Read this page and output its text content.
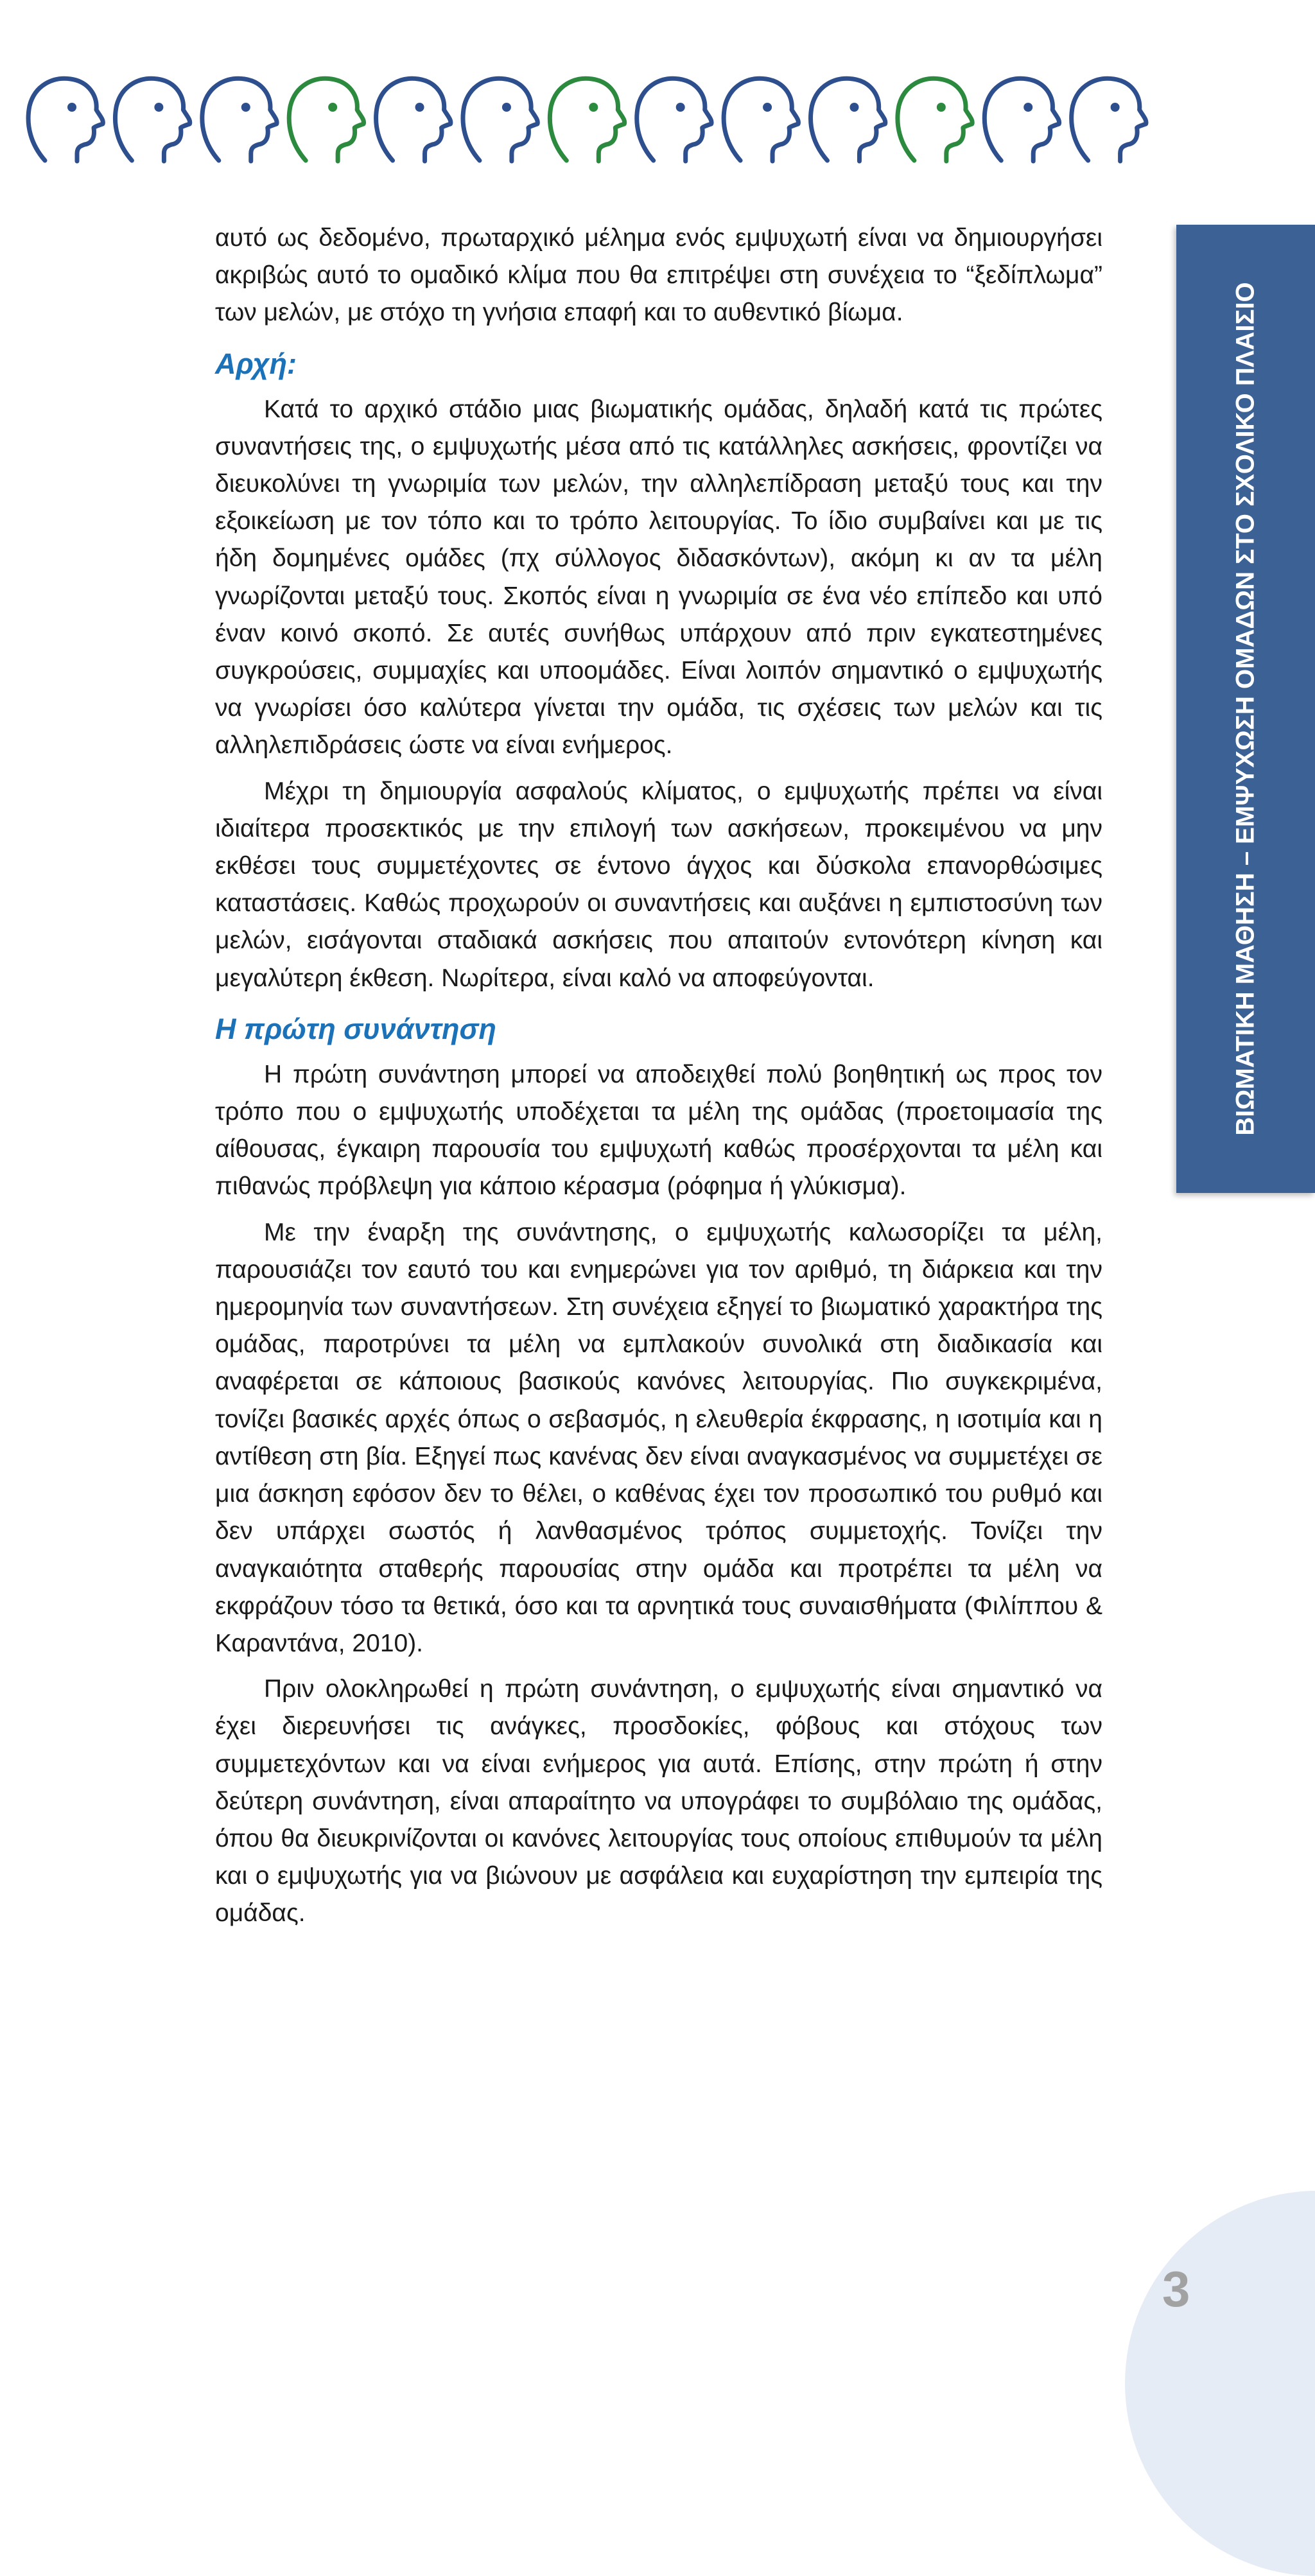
ΒΙΩΜΑΤΙΚΗ ΜΑΘΗΣΗ – ΕΜΨΥΧΩΣΗ ΟΜΑΔΩΝ ΣΤΟ ΣΧΟΛΙΚΟ ΠΛΑΙΣΙΟ

αυτό ως δεδομένο, πρωταρχικό μέλημα ενός εμψυχωτή είναι να δημιουργήσει ακριβώς αυτό το ομαδικό κλίμα που θα επιτρέψει στη συνέχεια το “ξεδίπλωμα” των μελών, με στόχο τη γνήσια επαφή και το αυθεντικό βίωμα.

Αρχή:

Κατά το αρχικό στάδιο μιας βιωματικής ομάδας, δηλαδή κατά τις πρώτες συναντήσεις της, ο εμψυχωτής μέσα από τις κατάλληλες ασκήσεις, φροντίζει να διευκολύνει τη γνωριμία των μελών, την αλληλεπίδραση μεταξύ τους και την εξοικείωση με τον τόπο και το τρόπο λειτουργίας. Το ίδιο συμβαίνει και με τις ήδη δομημένες ομάδες (πχ σύλλογος διδασκόντων), ακόμη κι αν τα μέλη γνωρίζονται μεταξύ τους. Σκοπός είναι η γνωριμία σε ένα νέο επίπεδο και υπό έναν κοινό σκοπό. Σε αυτές συνήθως υπάρχουν από πριν εγκατεστημένες συγκρούσεις, συμμαχίες και υποομάδες. Είναι λοιπόν σημαντικό ο εμψυχωτής να γνωρίσει όσο καλύτερα γίνεται την ομάδα, τις σχέσεις των μελών και τις αλληλεπιδράσεις ώστε να είναι ενήμερος.

Μέχρι τη δημιουργία ασφαλούς κλίματος, ο εμψυχωτής πρέπει να είναι ιδιαίτερα προσεκτικός με την επιλογή των ασκήσεων, προκειμένου να μην εκθέσει τους συμμετέχοντες σε έντονο άγχος και δύσκολα επανορθώσιμες καταστάσεις. Καθώς προχωρούν οι συναντήσεις και αυξάνει η εμπιστοσύνη των μελών, εισάγονται σταδιακά ασκήσεις που απαιτούν εντονότερη κίνηση και μεγαλύτερη έκθεση. Νωρίτερα, είναι καλό να αποφεύγονται.

Η πρώτη συνάντηση

Η πρώτη συνάντηση μπορεί να αποδειχθεί πολύ βοηθητική ως προς τον τρόπο που ο εμψυχωτής υποδέχεται τα μέλη της ομάδας (προετοιμασία της αίθουσας, έγκαιρη παρουσία του εμψυχωτή καθώς προσέρχονται τα μέλη και πιθανώς πρόβλεψη για κάποιο κέρασμα (ρόφημα ή γλύκισμα).

Με την έναρξη της συνάντησης, ο εμψυχωτής καλωσορίζει τα μέλη, παρουσιάζει τον εαυτό του και ενημερώνει για τον αριθμό, τη διάρκεια και την ημερομηνία των συναντήσεων. Στη συνέχεια εξηγεί το βιωματικό χαρακτήρα της ομάδας, παροτρύνει τα μέλη να εμπλακούν συνολικά στη διαδικασία και αναφέρεται σε κάποιους βασικούς κανόνες λειτουργίας. Πιο συγκεκριμένα, τονίζει βασικές αρχές όπως ο σεβασμός, η ελευθερία έκφρασης, η ισοτιμία και η αντίθεση στη βία. Εξηγεί πως κανένας δεν είναι αναγκασμένος να συμμετέχει σε μια άσκηση εφόσον δεν το θέλει, ο καθένας έχει τον προσωπικό του ρυθμό και δεν υπάρχει σωστός ή λανθασμένος τρόπος συμμετοχής. Τονίζει την αναγκαιότητα σταθερής παρουσίας στην ομάδα και προτρέπει τα μέλη να εκφράζουν τόσο τα θετικά, όσο και τα αρνητικά τους συναισθήματα (Φιλίππου & Καραντάνα, 2010).

Πριν ολοκληρωθεί η πρώτη συνάντηση, ο εμψυχωτής είναι σημαντικό να έχει διερευνήσει τις ανάγκες, προσδοκίες, φόβους και στόχους των συμμετεχόντων και να είναι ενήμερος για αυτά. Επίσης, στην πρώτη ή στην δεύτερη συνάντηση, είναι απαραίτητο να υπογράφει το συμβόλαιο της ομάδας, όπου θα διευκρινίζονται οι κανόνες λειτουργίας τους οποίους επιθυμούν τα μέλη και ο εμψυχωτής για να βιώνουν με ασφάλεια και ευχαρίστηση την εμπειρία της ομάδας.

3
